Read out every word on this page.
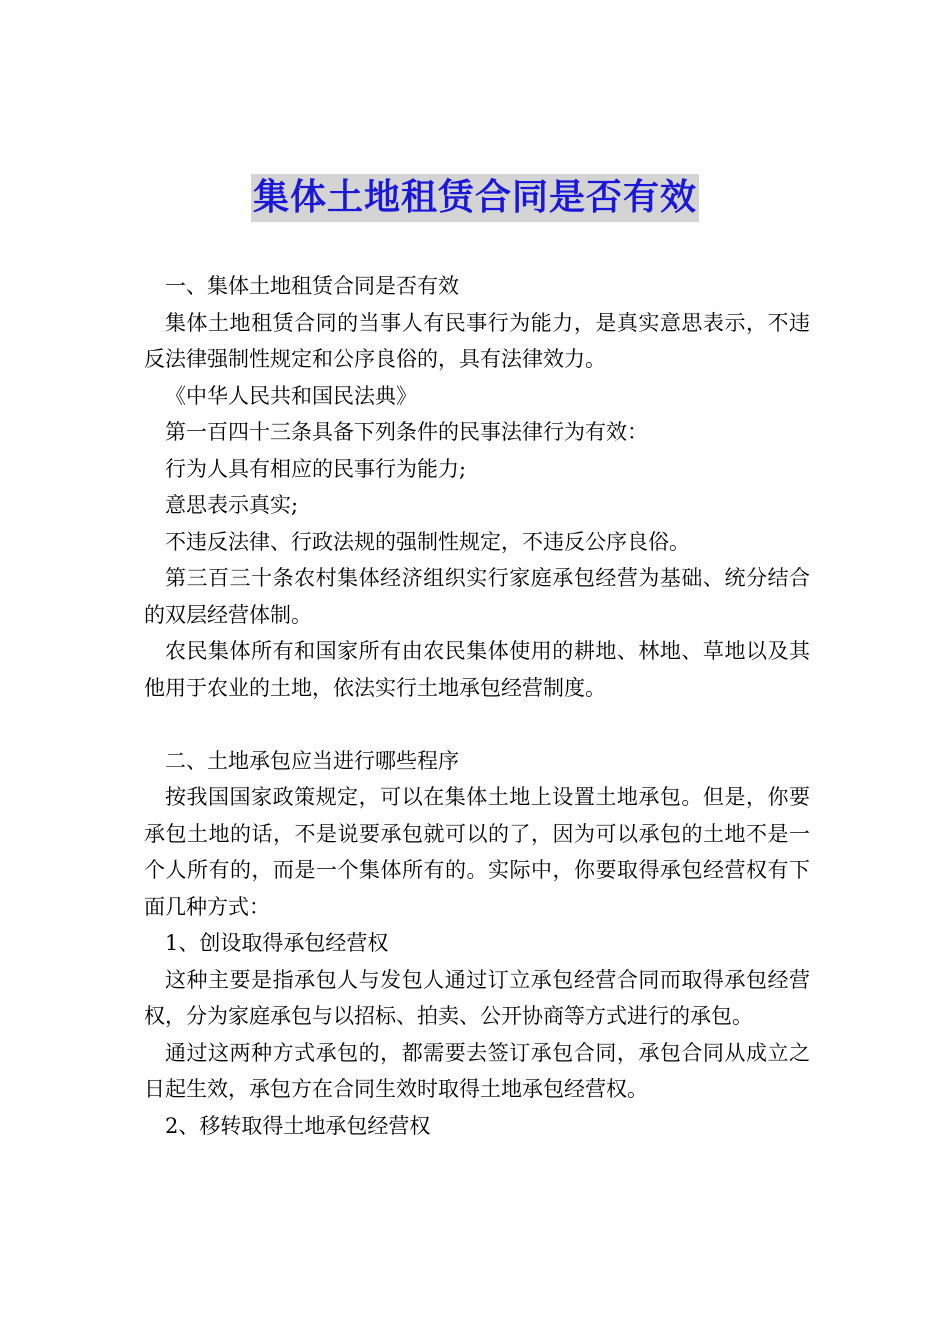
集体土地租赁合同是否有效

一、集体土地租赁合同是否有效

集体土地租赁合同的当事人有民事行为能力，是真实意思表示，不违反法律强制性规定和公序良俗的，具有法律效力。

《中华人民共和国民法典》

第一百四十三条具备下列条件的民事法律行为有效：

行为人具有相应的民事行为能力;

意思表示真实;

不违反法律、行政法规的强制性规定，不违反公序良俗。

第三百三十条农村集体经济组织实行家庭承包经营为基础、统分结合的双层经营体制。

农民集体所有和国家所有由农民集体使用的耕地、林地、草地以及其他用于农业的土地，依法实行土地承包经营制度。

二、土地承包应当进行哪些程序

按我国国家政策规定，可以在集体土地上设置土地承包。但是，你要承包土地的话，不是说要承包就可以的了，因为可以承包的土地不是一个人所有的，而是一个集体所有的。实际中，你要取得承包经营权有下面几种方式：

1、创设取得承包经营权

这种主要是指承包人与发包人通过订立承包经营合同而取得承包经营权，分为家庭承包与以招标、拍卖、公开协商等方式进行的承包。

通过这两种方式承包的，都需要去签订承包合同，承包合同从成立之日起生效，承包方在合同生效时取得土地承包经营权。

2、移转取得土地承包经营权
